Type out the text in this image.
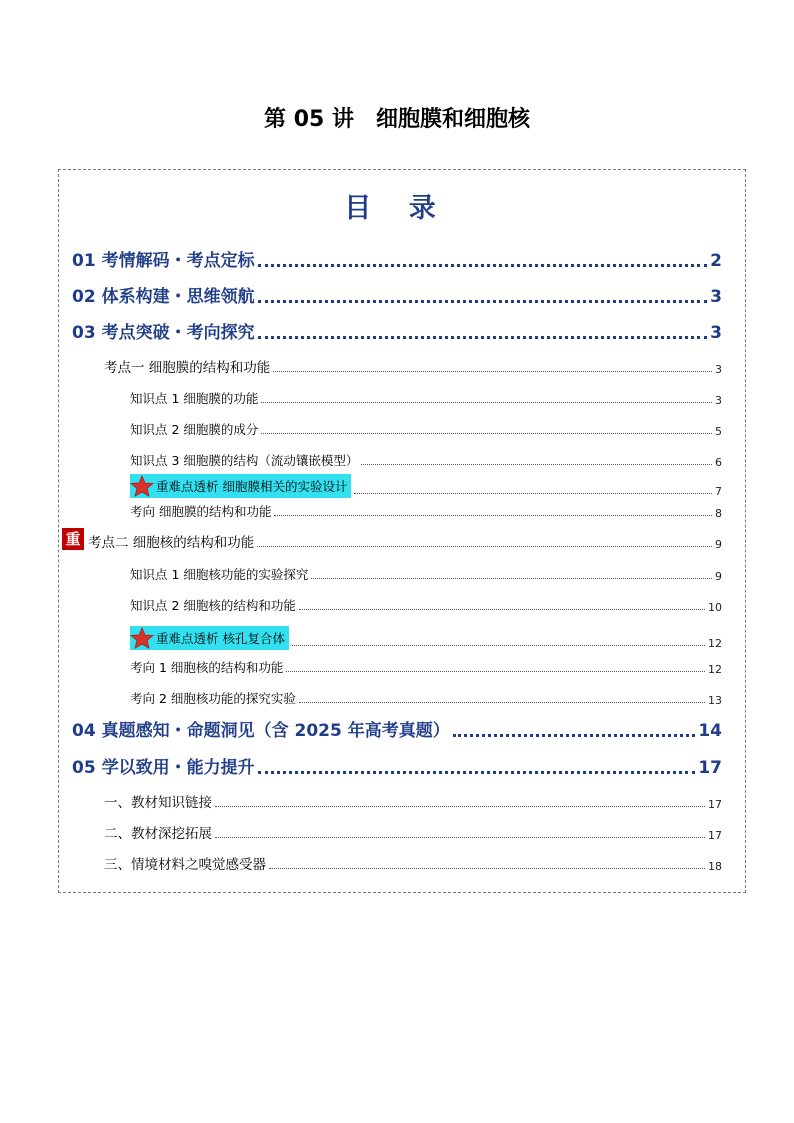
第 05 讲　细胞膜和细胞核
目 录
01 考情解码・考点定标	2
02 体系构建・思维领航	3
03 考点突破・考向探究	3
考点一 细胞膜的结构和功能	3
知识点 1 细胞膜的功能	3
知识点 2 细胞膜的成分	5
知识点 3 细胞膜的结构（流动镶嵌模型）	6
重难点透析 细胞膜相关的实验设计	7
考向 细胞膜的结构和功能	8
重 考点二 细胞核的结构和功能	9
知识点 1 细胞核功能的实验探究	9
知识点 2 细胞核的结构和功能	10
重难点透析 核孔复合体	12
考向 1 细胞核的结构和功能	12
考向 2 细胞核功能的探究实验	13
04 真题感知・命题洞见（含 2025 年高考真题）	14
05 学以致用・能力提升	17
一、教材知识链接	17
二、教材深挖拓展	17
三、情境材料之嗅觉感受器	18
